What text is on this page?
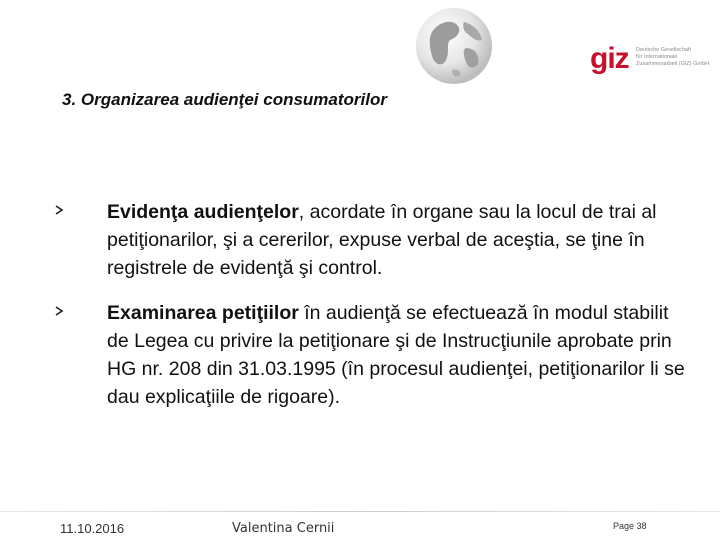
giz Deutsche Gesellschaft
für Internationale
Zusammenarbeit (GIZ) GmbH
3. Organizarea audienţei consumatorilor
Evidenţa audienţelor, acordate în organe sau la locul de trai al petiţionarilor, şi a cererilor, expuse verbal de aceştia, se ţine în registrele de evidenţă şi control.
Examinarea petiţiilor în audienţă se efectuează în modul stabilit de Legea cu privire la petiţionare şi de Instrucţiunile aprobate prin HG nr. 208 din 31.03.1995 (în procesul audienţei, petiţionarilor li se dau explicaţiile de rigoare).
11.10.2016	Valentina Cernii	Page 38
